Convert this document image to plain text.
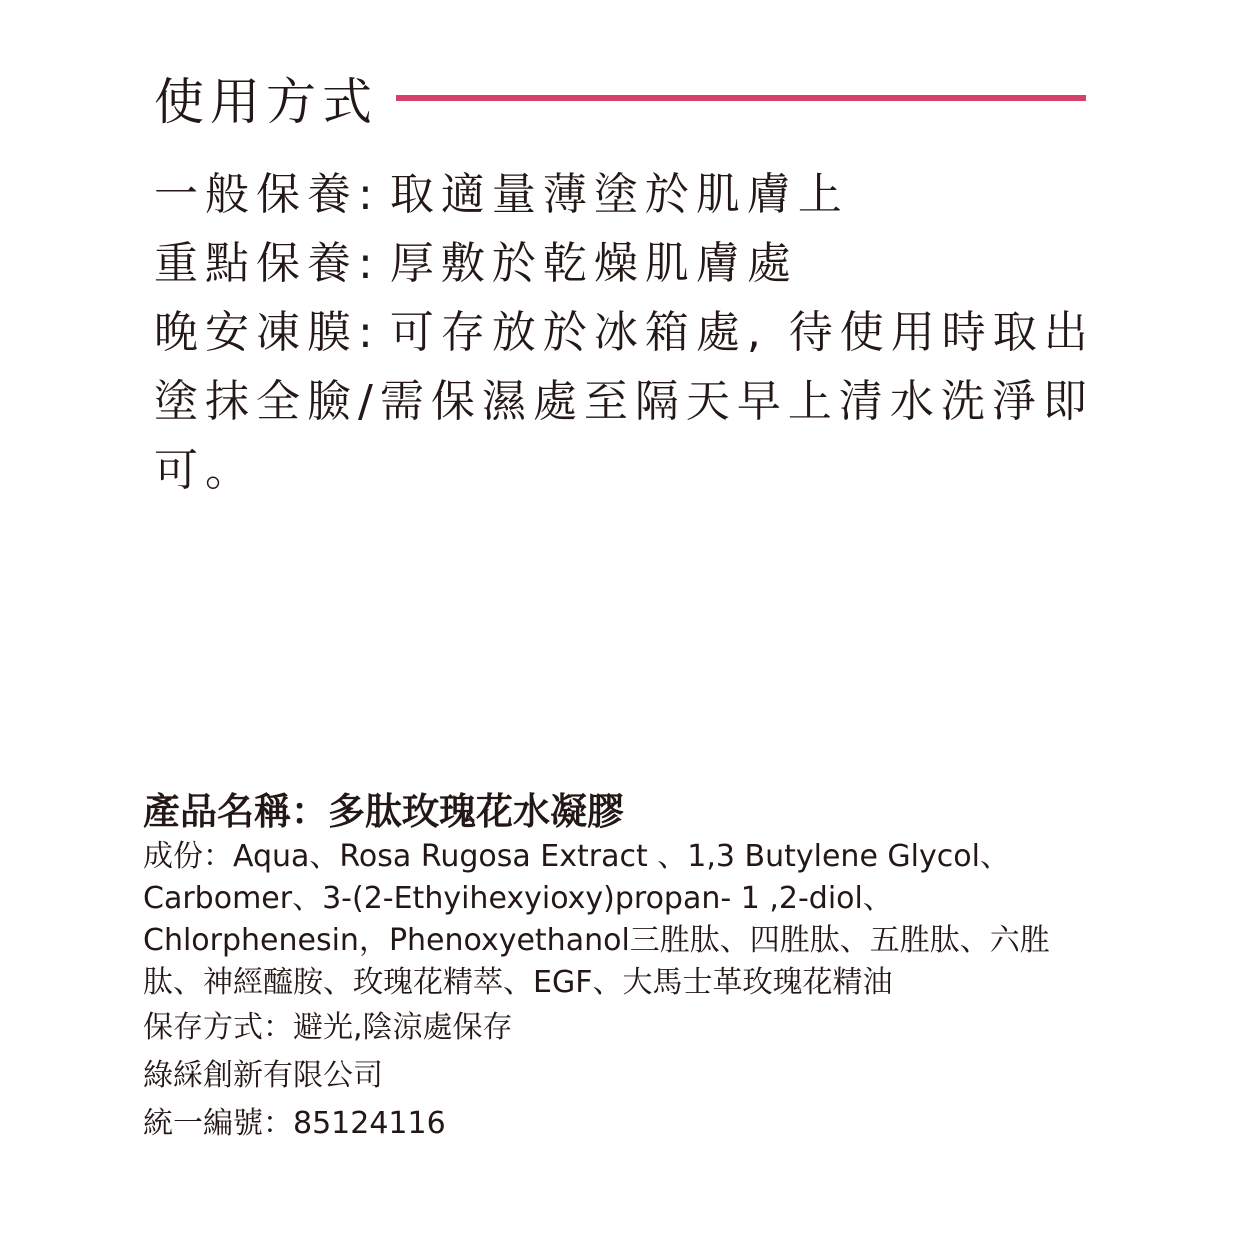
使用方式
一般保養: 取適量薄塗於肌膚上
重點保養: 厚敷於乾燥肌膚處
晚安凍膜: 可存放於冰箱處, 待使用時取出塗抹全臉/需保濕處至隔天早上清水洗淨即可。
產品名稱：多肽玫瑰花水凝膠
成份：Aqua、Rosa Rugosa Extract 、1,3 Butylene Glycol、Carbomer、3-(2-Ethyihexyioxy)propan- 1 ,2-diol、Chlorphenesin，Phenoxyethanol三胜肽、四胜肽、五胜肽、六胜肽、神經醯胺、玫瑰花精萃、EGF、大馬士革玫瑰花精油
保存方式：避光,陰涼處保存
綠綵創新有限公司
統一編號：85124116
